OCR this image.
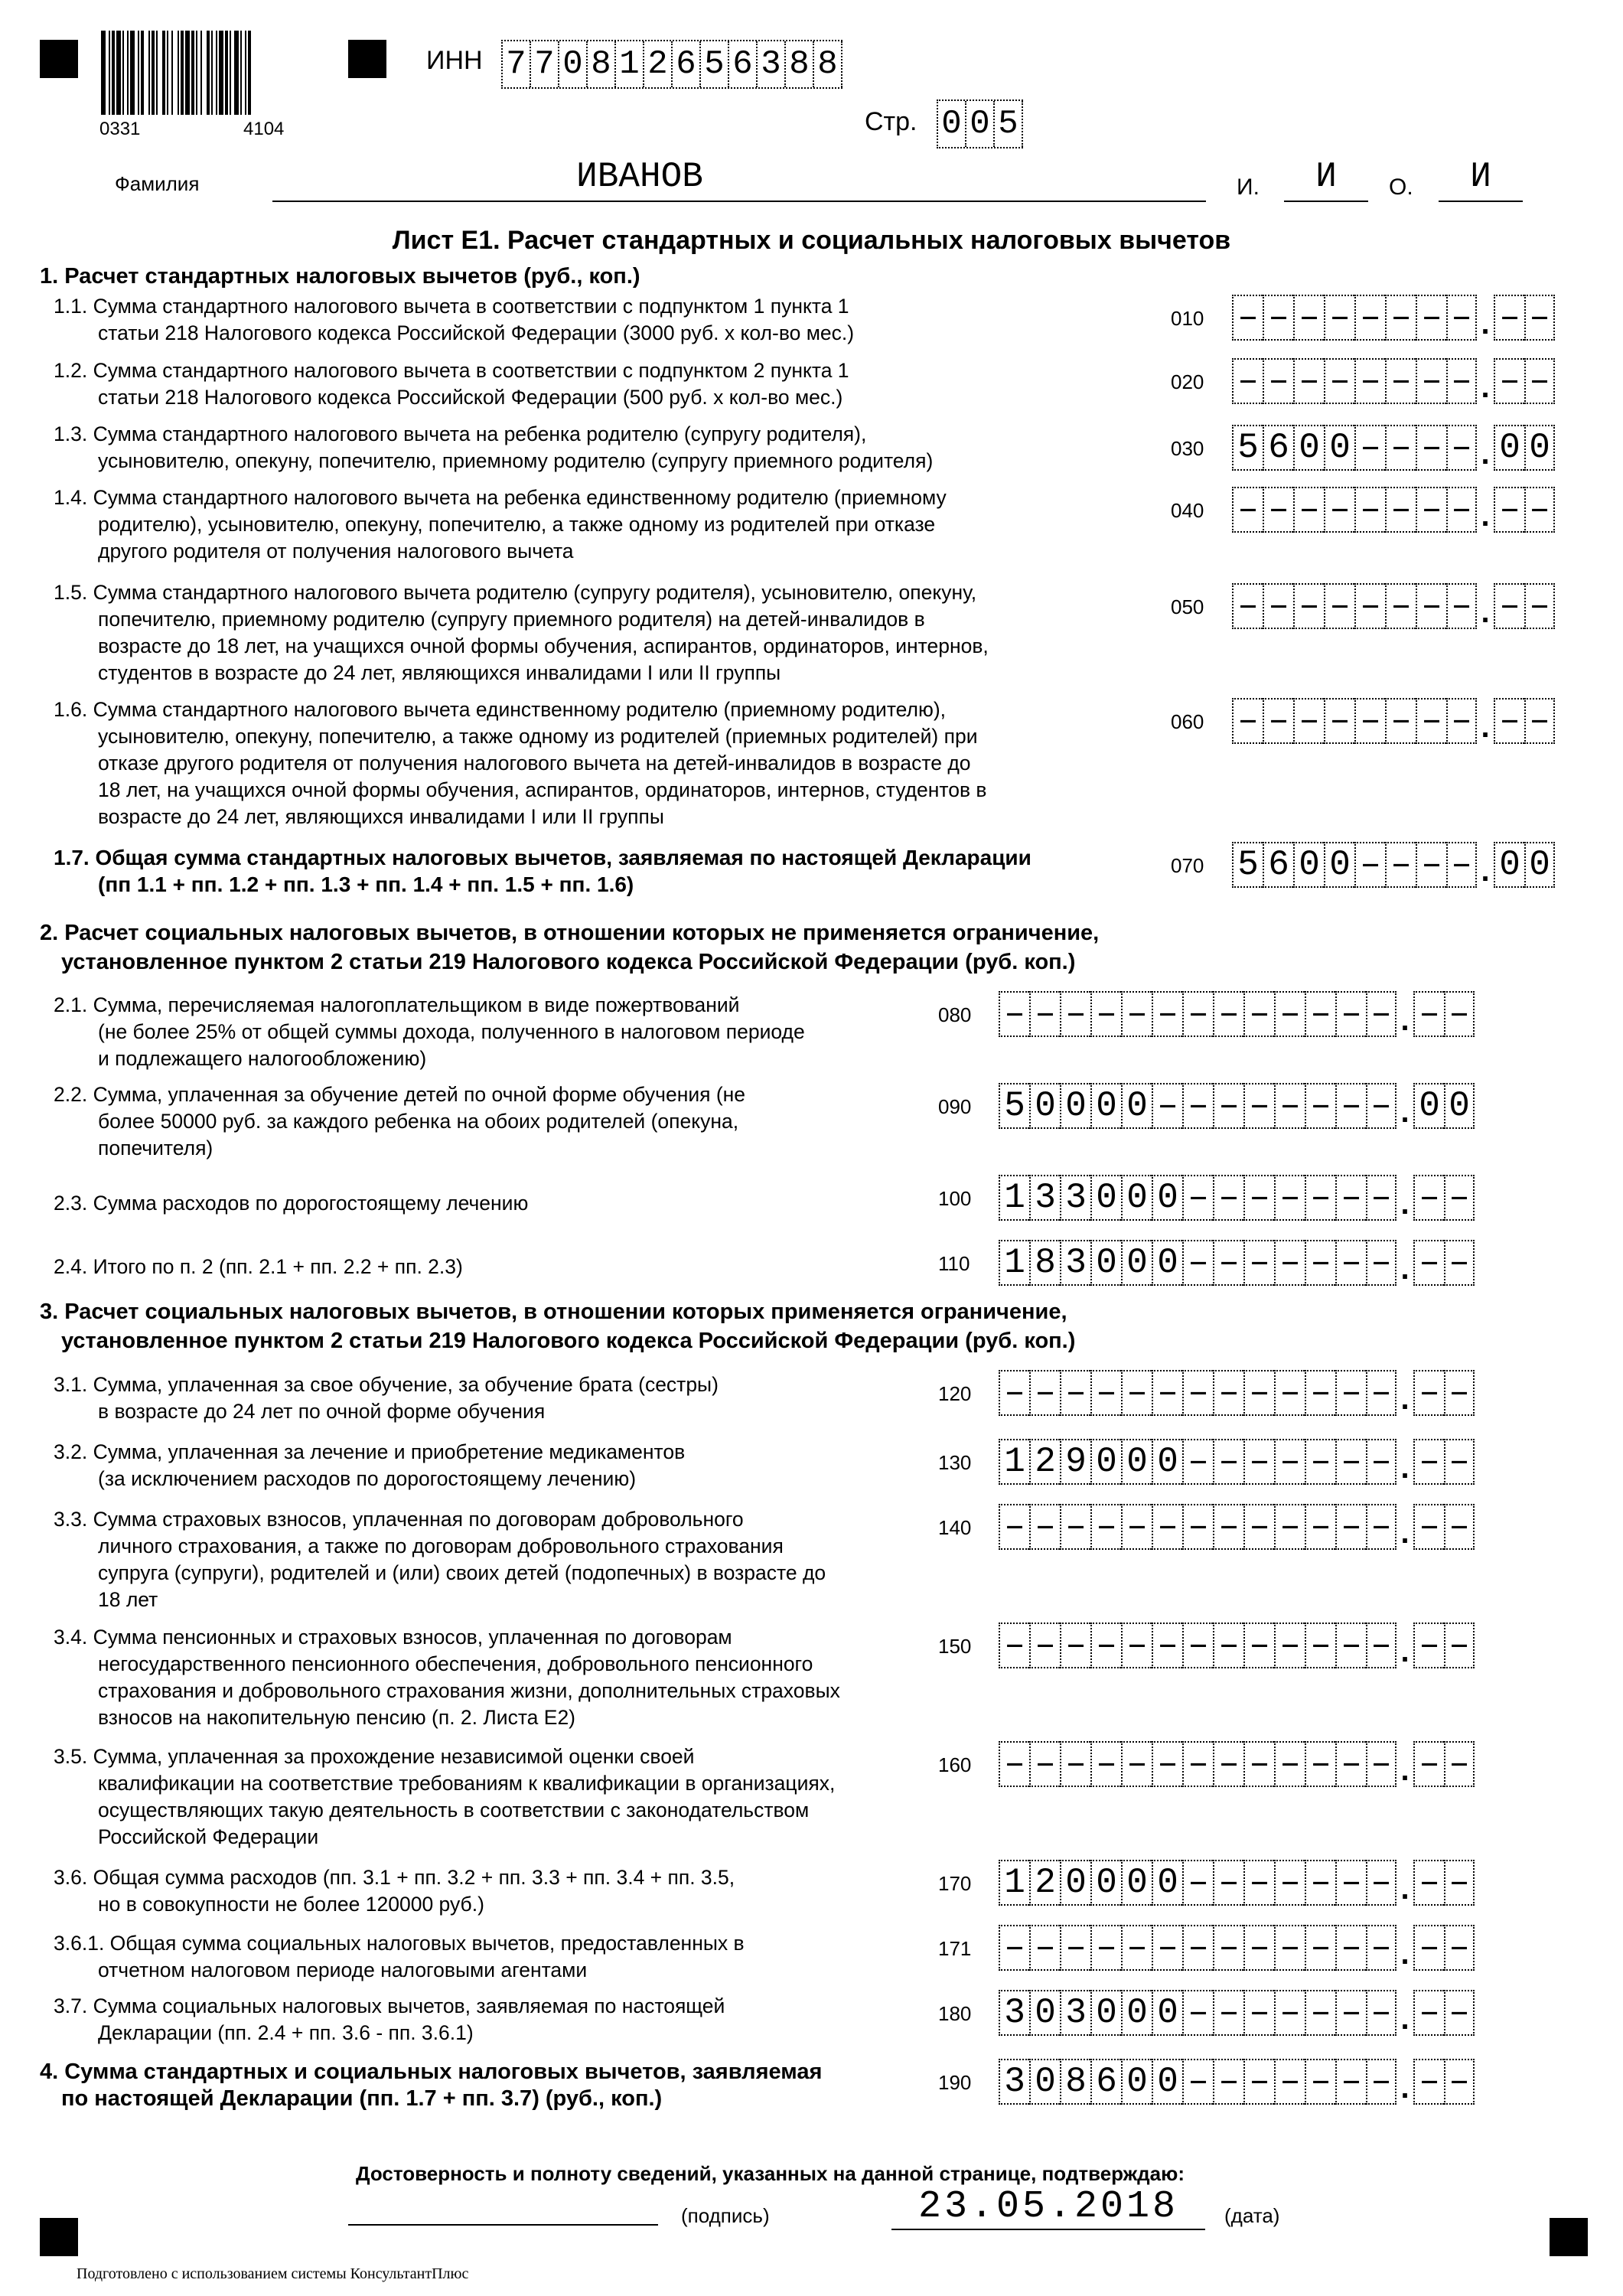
0331	4104
ИНН 7 7 0 8 1 2 6 5 6 3 8 8
Стр. 0 0 5
Фамилия	ИВАНОВ	И.	И	О.	И
Лист Е1. Расчет стандартных и социальных налоговых вычетов
1. Расчет стандартных налоговых вычетов (руб., коп.)
2. Расчет социальных налоговых вычетов, в отношении которых не применяется ограничение,
установленное пунктом 2 статьи 219 Налогового кодекса Российской Федерации (руб. коп.)
3. Расчет социальных налоговых вычетов, в отношении которых применяется ограничение,
установленное пунктом 2 статьи 219 Налогового кодекса Российской Федерации (руб. коп.)
1.1. Сумма стандартного налогового вычета в соответствии с подпунктом 1 пункта 1
статьи 218 Налогового кодекса Российской Федерации (3000 руб. х кол-во мес.)
010 – – – – – – – – . – –
1.2. Сумма стандартного налогового вычета в соответствии с подпунктом 2 пункта 1
статьи 218 Налогового кодекса Российской Федерации (500 руб. х кол-во мес.)
020 – – – – – – – – . – –
1.3. Сумма стандартного налогового вычета на ребенка родителю (супругу родителя),
усыновителю, опекуну, попечителю, приемному родителю (супругу приемного родителя)
030 5 6 0 0 – – – – . 0 0
1.4. Сумма стандартного налогового вычета на ребенка единственному родителю (приемному
родителю), усыновителю, опекуну, попечителю, а также одному из родителей при отказе
другого родителя от получения налогового вычета
040 – – – – – – – – . – –
1.5. Сумма стандартного налогового вычета родителю (супругу родителя), усыновителю, опекуну,
попечителю, приемному родителю (супругу приемного родителя) на детей-инвалидов в
возрасте до 18 лет, на учащихся очной формы обучения, аспирантов, ординаторов, интернов,
студентов в возрасте до 24 лет, являющихся инвалидами I или II группы
050 – – – – – – – – . – –
1.6. Сумма стандартного налогового вычета единственному родителю (приемному родителю),
усыновителю, опекуну, попечителю, а также одному из родителей (приемных родителей) при
отказе другого родителя от получения налогового вычета на детей-инвалидов в возрасте до
18 лет, на учащихся очной формы обучения, аспирантов, ординаторов, интернов, студентов в
возрасте до 24 лет, являющихся инвалидами I или II группы
060 – – – – – – – – . – –
1.7. Общая сумма стандартных налоговых вычетов, заявляемая по настоящей Декларации
(пп 1.1 + пп. 1.2 + пп. 1.3 + пп. 1.4 + пп. 1.5 + пп. 1.6)
070 5 6 0 0 – – – – . 0 0
2.1. Сумма, перечисляемая налогоплательщиком в виде пожертвований
(не более 25% от общей суммы дохода, полученного в налоговом периоде
и подлежащего налогообложению)
080 – – – – – – – – – – – – – . – –
2.2. Сумма, уплаченная за обучение детей по очной форме обучения (не
более 50000 руб. за каждого ребенка на обоих родителей (опекуна,
попечителя)
090 5 0 0 0 0 – – – – – – – – . 0 0
2.3. Сумма расходов по дорогостоящему лечению	100 1 3 3 0 0 0 – – – – – – – . – –
2.4. Итого по п. 2 (пп. 2.1 + пп. 2.2 + пп. 2.3)	110 1 8 3 0 0 0 – – – – – – – . – –
3.1. Сумма, уплаченная за свое обучение, за обучение брата (сестры)
в возрасте до 24 лет по очной форме обучения
120 – – – – – – – – – – – – – . – –
3.2. Сумма, уплаченная за лечение и приобретение медикаментов
(за исключением расходов по дорогостоящему лечению)
130 1 2 9 0 0 0 – – – – – – – . – –
3.3. Сумма страховых взносов, уплаченная по договорам добровольного
личного страхования, а также по договорам добровольного страхования
супруга (супруги), родителей и (или) своих детей (подопечных) в возрасте до
18 лет
140 – – – – – – – – – – – – – . – –
3.4. Сумма пенсионных и страховых взносов, уплаченная по договорам
негосударственного пенсионного обеспечения, добровольного пенсионного
страхования и добровольного страхования жизни, дополнительных страховых
взносов на накопительную пенсию (п. 2. Листа Е2)
150 – – – – – – – – – – – – – . – –
3.5. Сумма, уплаченная за прохождение независимой оценки своей
квалификации на соответствие требованиям к квалификации в организациях,
осуществляющих такую деятельность в соответствии с законодательством
Российской Федерации
160 – – – – – – – – – – – – – . – –
3.6. Общая сумма расходов (пп. 3.1 + пп. 3.2 + пп. 3.3 + пп. 3.4 + пп. 3.5,
но в совокупности не более 120000 руб.)
170 1 2 0 0 0 0 – – – – – – – . – –
3.6.1. Общая сумма социальных налоговых вычетов, предоставленных в
отчетном налоговом периоде налоговыми агентами
171 – – – – – – – – – – – – – . – –
3.7. Сумма социальных налоговых вычетов, заявляемая по настоящей
Декларации (пп. 2.4 + пп. 3.6 - пп. 3.6.1)
180 3 0 3 0 0 0 – – – – – – – . – –
4. Сумма стандартных и социальных налоговых вычетов, заявляемая
по настоящей Декларации (пп. 1.7 + пп. 3.7) (руб., коп.)
190 3 0 8 6 0 0 – – – – – – – . – –
Достоверность и полноту сведений, указанных на данной странице, подтверждаю:
(подпись)	23.05.2018	(дата)
Подготовлено с использованием системы КонсультантПлюс
